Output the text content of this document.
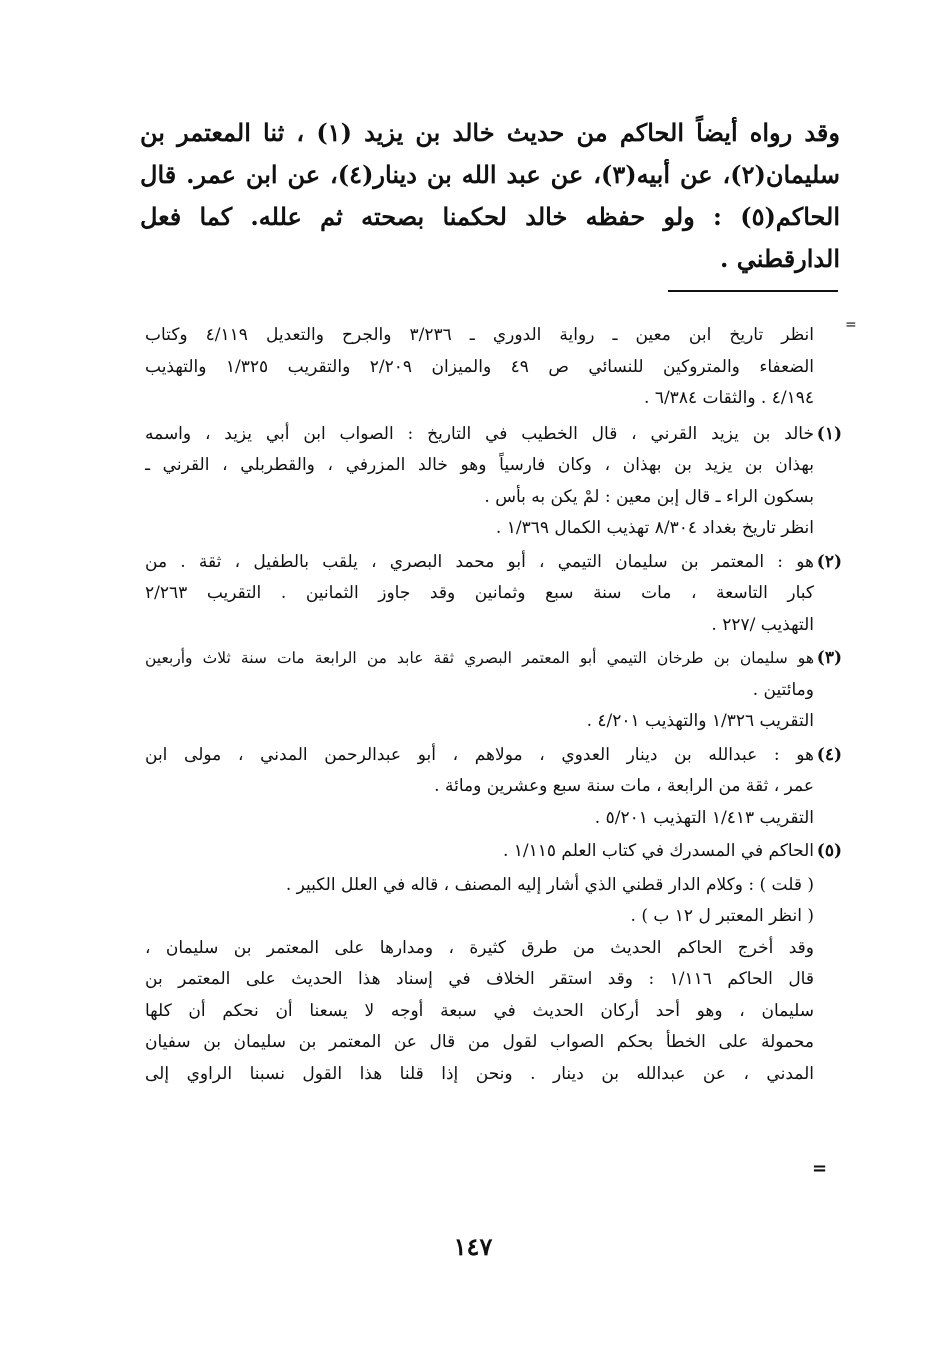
وقد رواه أيضاً الحاكم من حديث خالد بن يزيد (١) ، ثنا المعتمر بن سليمان(٢)، عن أبيه(٣)، عن عبد الله بن دينار(٤)، عن ابن عمر. قال الحاكم(٥) : ولو حفظه خالد لحكمنا بصحته ثم علله. كما فعل الدارقطني .

=
انظر تاريخ ابن معين ـ رواية الدوري ـ ٣/٢٣٦ والجرح والتعديل ٤/١١٩ وكتاب
الضعفاء والمتروكين للنسائي ص ٤٩ والميزان ٢/٢٠٩ والتقريب ١/٣٢٥ والتهذيب
٤/١٩٤ . والثقات ٦/٣٨٤ .
(١)
خالد بن يزيد القرني ، قال الخطيب في التاريخ : الصواب ابن أبي يزيد ، واسمه
بهذان بن يزيد بن بهذان ، وكان فارسياً وهو خالد المزرفي ، والقطربلي ، القرني ـ
بسكون الراء ـ قال إبن معين : لمْ يكن به بأس .
انظر تاريخ بغداد ٨/٣٠٤ تهذيب الكمال ١/٣٦٩ .
(٢)
هو : المعتمر بن سليمان التيمي ، أبو محمد البصري ، يلقب بالطفيل ، ثقة . من
كبار التاسعة ، مات سنة سبع وثمانين وقد جاوز الثمانين . التقريب ٢/٢٦٣
التهذيب /٢٢٧ .
(٣)
هو سليمان بن طرخان التيمي أبو المعتمر البصري ثقة عابد من الرابعة مات سنة ثلاث وأربعين
ومائتين .
التقريب ١/٣٢٦ والتهذيب ٤/٢٠١ .
(٤)
هو : عبدالله بن دينار العدوي ، مولاهم ، أبو عبدالرحمن المدني ، مولى ابن
عمر ، ثقة من الرابعة ، مات سنة سبع وعشرين ومائة .
التقريب ١/٤١٣ التهذيب ٥/٢٠١ .
(٥)
الحاكم في المسدرك في كتاب العلم ١/١١٥ .
( قلت ) : وكلام الدار قطني الذي أشار إليه المصنف ، قاله في العلل الكبير .
( انظر المعتبر ل ١٢ ب ) .
وقد أخرج الحاكم الحديث من طرق كثيرة ، ومدارها على المعتمر بن سليمان ،
قال الحاكم ١/١١٦ : وقد استقر الخلاف في إسناد هذا الحديث على المعتمر بن
سليمان ، وهو أحد أركان الحديث في سبعة أوجه لا يسعنا أن نحكم أن كلها
محمولة على الخطأ بحكم الصواب لقول من قال عن المعتمر بن سليمان بن سفيان
المدني ، عن عبدالله بن دينار . ونحن إذا قلنا هذا القول نسبنا الراوي إلى
=
١٤٧
